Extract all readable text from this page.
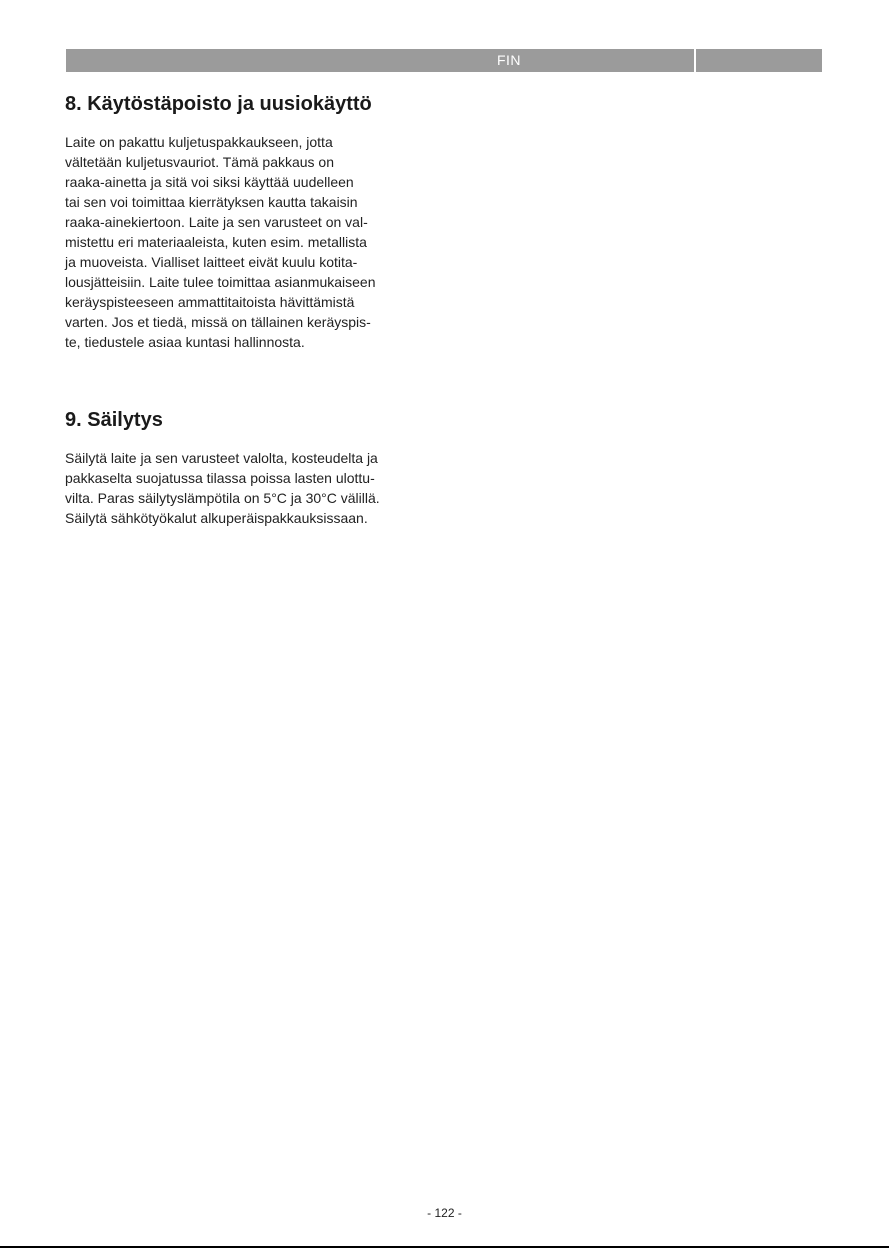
FIN
8. Käytöstäpoisto ja uusiokäyttö

Laite on pakattu kuljetuspakkaukseen, jotta
vältetään kuljetusvauriot. Tämä pakkaus on
raaka-ainetta ja sitä voi siksi käyttää uudelleen
tai sen voi toimittaa kierrätyksen kautta takaisin
raaka-ainekiertoon. Laite ja sen varusteet on val-
mistettu eri materiaaleista, kuten esim. metallista
ja muoveista. Vialliset laitteet eivät kuulu kotita-
lousjätteisiin. Laite tulee toimittaa asianmukaiseen
keräyspisteeseen ammattitaitoista hävittämistä
varten. Jos et tiedä, missä on tällainen keräyspis-
te, tiedustele asiaa kuntasi hallinnosta.

9. Säilytys

Säilytä laite ja sen varusteet valolta, kosteudelta ja
pakkaselta suojatussa tilassa poissa lasten ulottu-
vilta. Paras säilytyslämpötila on 5°C ja 30°C välillä.
Säilytä sähkötyökalut alkuperäispakkauksissaan.

- 122 -
